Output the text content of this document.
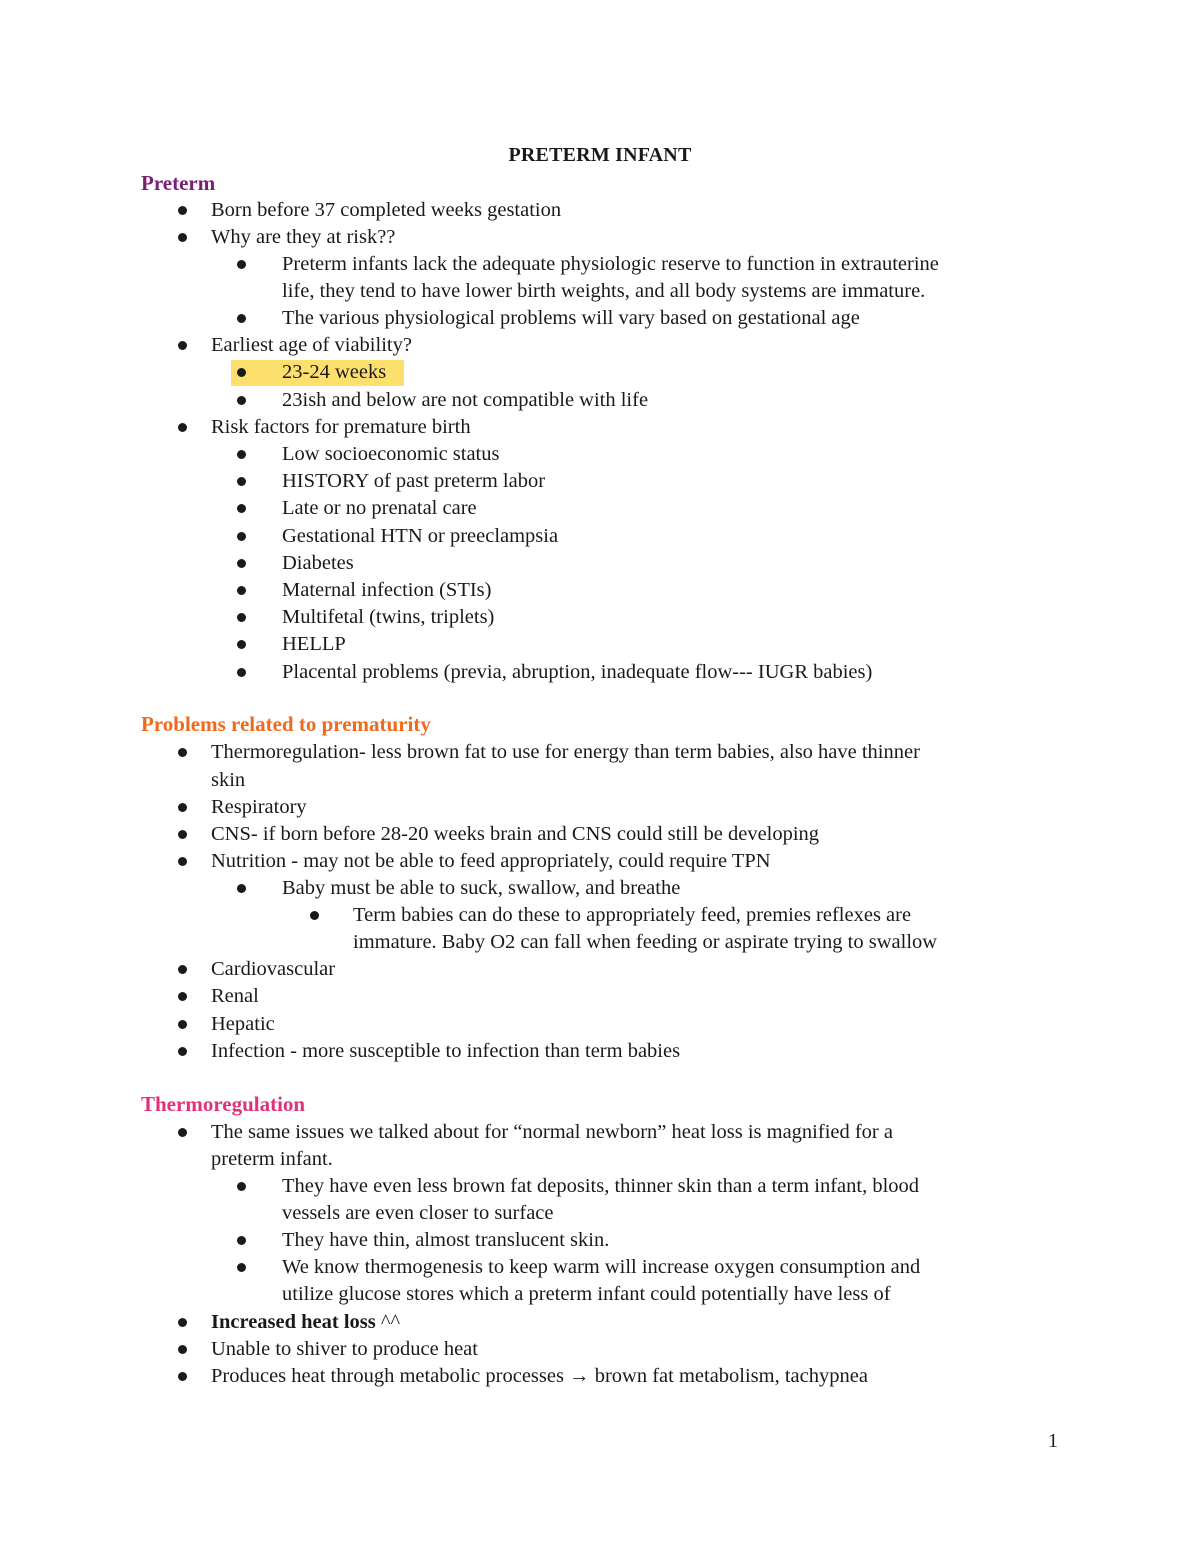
PRETERM INFANT
Preterm
Born before 37 completed weeks gestation
Why are they at risk??
Preterm infants lack the adequate physiologic reserve to function in extrauterine
life, they tend to have lower birth weights, and all body systems are immature.
The various physiological problems will vary based on gestational age
Earliest age of viability?
23-24 weeks
23ish and below are not compatible with life
Risk factors for premature birth
Low socioeconomic status
HISTORY of past preterm labor
Late or no prenatal care
Gestational HTN or preeclampsia
Diabetes
Maternal infection (STIs)
Multifetal (twins, triplets)
HELLP
Placental problems (previa, abruption, inadequate flow--- IUGR babies)
Problems related to prematurity
Thermoregulation- less brown fat to use for energy than term babies, also have thinner
skin
Respiratory
CNS- if born before 28-20 weeks brain and CNS could still be developing
Nutrition - may not be able to feed appropriately, could require TPN
Baby must be able to suck, swallow, and breathe
Term babies can do these to appropriately feed, premies reflexes are
immature. Baby O2 can fall when feeding or aspirate trying to swallow
Cardiovascular
Renal
Hepatic
Infection - more susceptible to infection than term babies
Thermoregulation
The same issues we talked about for “normal newborn” heat loss is magnified for a
preterm infant.
They have even less brown fat deposits, thinner skin than a term infant, blood
vessels are even closer to surface
They have thin, almost translucent skin.
We know thermogenesis to keep warm will increase oxygen consumption and
utilize glucose stores which a preterm infant could potentially have less of
Increased heat loss ^^
Unable to shiver to produce heat
Produces heat through metabolic processes → brown fat metabolism, tachypnea
1
